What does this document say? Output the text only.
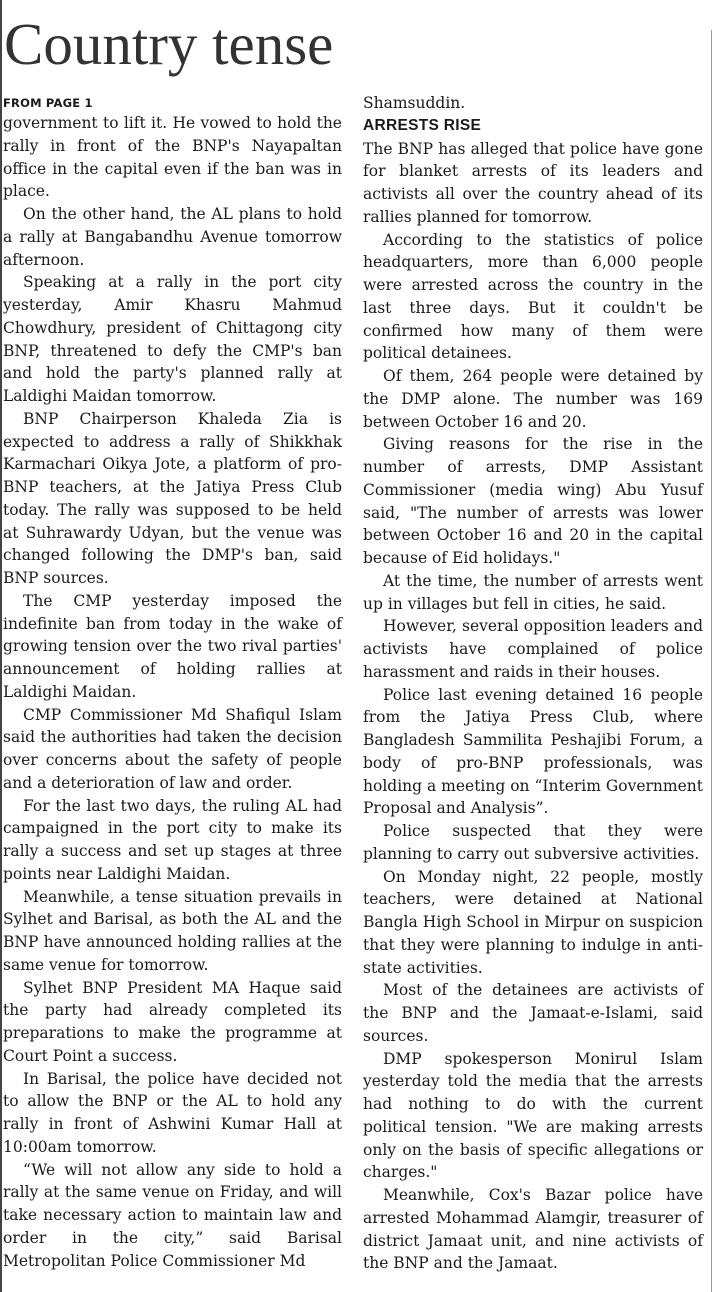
Country tense
FROM PAGE 1

government to lift it. He vowed to hold the rally in front of the BNP's Nayapaltan office in the capital even if the ban was in place.

On the other hand, the AL plans to hold a rally at Bangabandhu Avenue tomorrow afternoon.

Speaking at a rally in the port city yesterday, Amir Khasru Mahmud Chowdhury, president of Chittagong city BNP, threatened to defy the CMP's ban and hold the party's planned rally at Laldighi Maidan tomorrow.

BNP Chairperson Khaleda Zia is expected to address a rally of Shikkhak Karmachari Oikya Jote, a platform of pro-BNP teachers, at the Jatiya Press Club today. The rally was supposed to be held at Suhrawardy Udyan, but the venue was changed following the DMP's ban, said BNP sources.

The CMP yesterday imposed the indefinite ban from today in the wake of growing tension over the two rival parties' announcement of holding rallies at Laldighi Maidan.

CMP Commissioner Md Shafiqul Islam said the authorities had taken the decision over concerns about the safety of people and a deterioration of law and order.

For the last two days, the ruling AL had campaigned in the port city to make its rally a success and set up stages at three points near Laldighi Maidan.

Meanwhile, a tense situation prevails in Sylhet and Barisal, as both the AL and the BNP have announced holding rallies at the same venue for tomorrow.

Sylhet BNP President MA Haque said the party had already completed its preparations to make the programme at Court Point a success.

In Barisal, the police have decided not to allow the BNP or the AL to hold any rally in front of Ashwini Kumar Hall at 10:00am tomorrow.

“We will not allow any side to hold a rally at the same venue on Friday, and will take necessary action to maintain law and order in the city,” said Barisal Metropolitan Police Commissioner Md

Shamsuddin.

ARRESTS RISE

The BNP has alleged that police have gone for blanket arrests of its leaders and activists all over the country ahead of its rallies planned for tomorrow.

According to the statistics of police headquarters, more than 6,000 people were arrested across the country in the last three days. But it couldn't be confirmed how many of them were political detainees.

Of them, 264 people were detained by the DMP alone. The number was 169 between October 16 and 20.

Giving reasons for the rise in the number of arrests, DMP Assistant Commissioner (media wing) Abu Yusuf said, "The number of arrests was lower between October 16 and 20 in the capital because of Eid holidays."

At the time, the number of arrests went up in villages but fell in cities, he said.

However, several opposition leaders and activists have complained of police harassment and raids in their houses.

Police last evening detained 16 people from the Jatiya Press Club, where Bangladesh Sammilita Peshajibi Forum, a body of pro-BNP professionals, was holding a meeting on “Interim Government Proposal and Analysis”.

Police suspected that they were planning to carry out subversive activities.

On Monday night, 22 people, mostly teachers, were detained at National Bangla High School in Mirpur on suspicion that they were planning to indulge in anti-state activities.

Most of the detainees are activists of the BNP and the Jamaat-e-Islami, said sources.

DMP spokesperson Monirul Islam yesterday told the media that the arrests had nothing to do with the current political tension. "We are making arrests only on the basis of specific allegations or charges."

Meanwhile, Cox's Bazar police have arrested Mohammad Alamgir, treasurer of district Jamaat unit, and nine activists of the BNP and the Jamaat.
